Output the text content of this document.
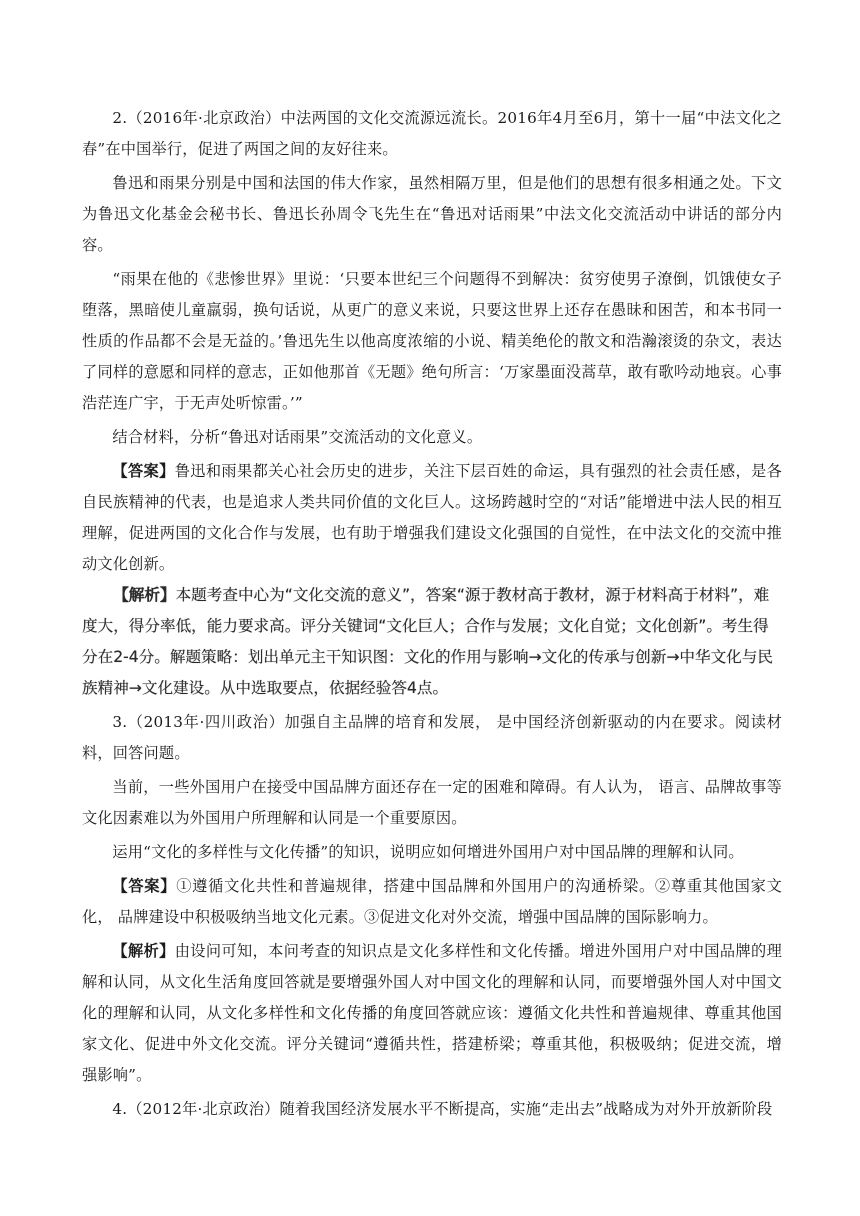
2.（2016年·北京政治）中法两国的文化交流源远流长。2016年4月至6月，第十一届“中法文化之春”在中国举行，促进了两国之间的友好往来。

鲁迅和雨果分别是中国和法国的伟大作家，虽然相隔万里，但是他们的思想有很多相通之处。下文为鲁迅文化基金会秘书长、鲁迅长孙周令飞先生在“鲁迅对话雨果”中法文化交流活动中讲话的部分内容。

“雨果在他的《悲惨世界》里说：‘只要本世纪三个问题得不到解决：贫穷使男子潦倒，饥饿使女子堕落，黑暗使儿童羸弱，换句话说，从更广的意义来说，只要这世界上还存在愚昧和困苦，和本书同一性质的作品都不会是无益的。’鲁迅先生以他高度浓缩的小说、精美绝伦的散文和浩瀚滚烫的杂文，表达了同样的意愿和同样的意志，正如他那首《无题》绝句所言：‘万家墨面没蒿草，敢有歌吟动地哀。心事浩茫连广宇，于无声处听惊雷。’”

结合材料，分析“鲁迅对话雨果”交流活动的文化意义。

【答案】鲁迅和雨果都关心社会历史的进步，关注下层百姓的命运，具有强烈的社会责任感，是各自民族精神的代表，也是追求人类共同价值的文化巨人。这场跨越时空的“对话”能增进中法人民的相互理解，促进两国的文化合作与发展，也有助于增强我们建设文化强国的自觉性，在中法文化的交流中推动文化创新。

【解析】本题考查中心为“文化交流的意义”，答案“源于教材高于教材，源于材料高于材料”，难度大，得分率低，能力要求高。评分关键词“文化巨人；合作与发展；文化自觉；文化创新”。考生得分在2-4分。解题策略：划出单元主干知识图：文化的作用与影响→文化的传承与创新→中华文化与民族精神→文化建设。从中选取要点，依据经验答4点。

3.（2013年·四川政治）加强自主品牌的培育和发展， 是中国经济创新驱动的内在要求。阅读材料，回答问题。

当前，一些外国用户在接受中国品牌方面还存在一定的困难和障碍。有人认为， 语言、品牌故事等文化因素难以为外国用户所理解和认同是一个重要原因。

运用“文化的多样性与文化传播”的知识，说明应如何增进外国用户对中国品牌的理解和认同。

【答案】①遵循文化共性和普遍规律，搭建中国品牌和外国用户的沟通桥梁。②尊重其他国家文化， 品牌建设中积极吸纳当地文化元素。③促进文化对外交流，增强中国品牌的国际影响力。

【解析】由设问可知，本问考查的知识点是文化多样性和文化传播。增进外国用户对中国品牌的理解和认同，从文化生活角度回答就是要增强外国人对中国文化的理解和认同，而要增强外国人对中国文化的理解和认同，从文化多样性和文化传播的角度回答就应该：遵循文化共性和普遍规律、尊重其他国家文化、促进中外文化交流。评分关键词“遵循共性，搭建桥梁；尊重其他，积极吸纳；促进交流，增强影响”。

4.（2012年·北京政治）随着我国经济发展水平不断提高，实施“走出去”战略成为对外开放新阶段
